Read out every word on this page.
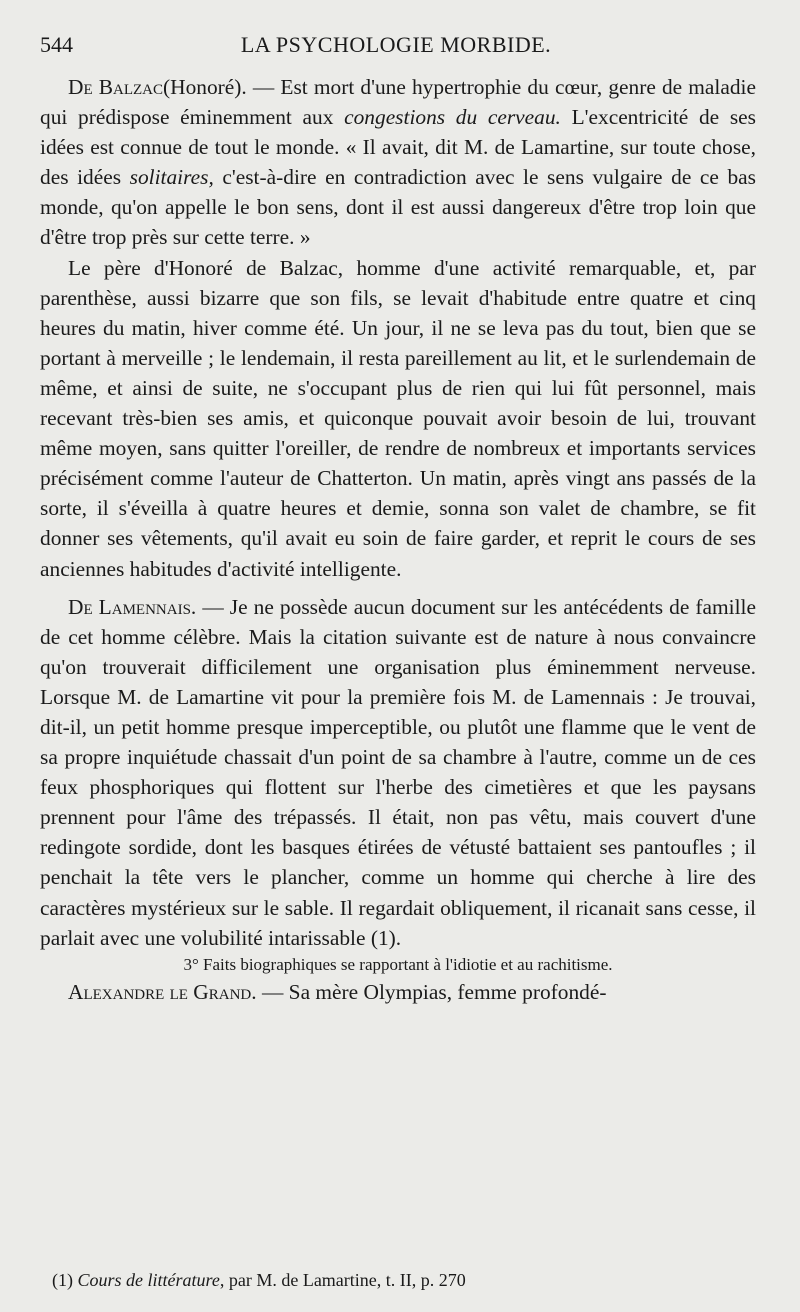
544	LA PSYCHOLOGIE MORBIDE.

De Balzac(Honoré). — Est mort d'une hypertrophie du cœur, genre de maladie qui prédispose éminemment aux congestions du cerveau. L'excentricité de ses idées est connue de tout le monde. « Il avait, dit M. de Lamartine, sur toute chose, des idées solitaires, c'est-à-dire en contradiction avec le sens vulgaire de ce bas monde, qu'on appelle le bon sens, dont il est aussi dangereux d'être trop loin que d'être trop près sur cette terre. »

Le père d'Honoré de Balzac, homme d'une activité remarquable, et, par parenthèse, aussi bizarre que son fils, se levait d'habitude entre quatre et cinq heures du matin, hiver comme été. Un jour, il ne se leva pas du tout, bien que se portant à merveille ; le lendemain, il resta pareillement au lit, et le surlendemain de même, et ainsi de suite, ne s'occupant plus de rien qui lui fût personnel, mais recevant très-bien ses amis, et quiconque pouvait avoir besoin de lui, trouvant même moyen, sans quitter l'oreiller, de rendre de nombreux et importants services précisément comme l'auteur de Chatterton. Un matin, après vingt ans passés de la sorte, il s'éveilla à quatre heures et demie, sonna son valet de chambre, se fit donner ses vêtements, qu'il avait eu soin de faire garder, et reprit le cours de ses anciennes habitudes d'activité intelligente.

De Lamennais. — Je ne possède aucun document sur les antécédents de famille de cet homme célèbre. Mais la citation suivante est de nature à nous convaincre qu'on trouverait difficilement une organisation plus éminemment nerveuse. Lorsque M. de Lamartine vit pour la première fois M. de Lamennais : Je trouvai, dit-il, un petit homme presque imperceptible, ou plutôt une flamme que le vent de sa propre inquiétude chassait d'un point de sa chambre à l'autre, comme un de ces feux phosphoriques qui flottent sur l'herbe des cimetières et que les paysans prennent pour l'âme des trépassés. Il était, non pas vêtu, mais couvert d'une redingote sordide, dont les basques étirées de vétusté battaient ses pantoufles ; il penchait la tête vers le plancher, comme un homme qui cherche à lire des caractères mystérieux sur le sable. Il regardait obliquement, il ricanait sans cesse, il parlait avec une volubilité intarissable (1).

3° Faits biographiques se rapportant à l'idiotie et au rachitisme.

Alexandre le Grand. — Sa mère Olympias, femme profondé-

(1) Cours de littérature, par M. de Lamartine, t. II, p. 270
